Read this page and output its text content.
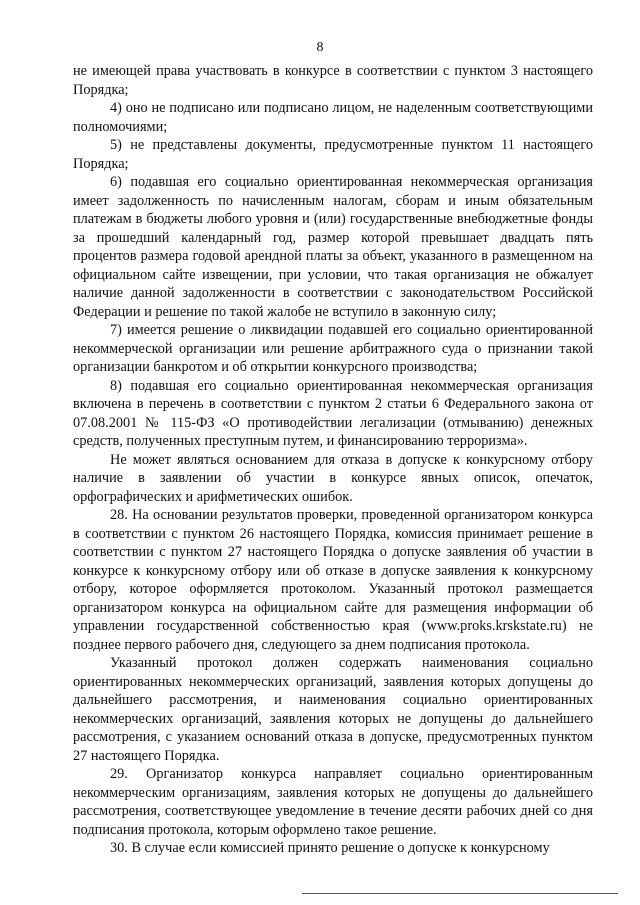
8

не имеющей права участвовать в конкурсе в соответствии с пунктом 3 настоящего Порядка;

4) оно не подписано или подписано лицом, не наделенным соответствующими полномочиями;

5) не представлены документы, предусмотренные пунктом 11 настоящего Порядка;

6) подавшая его социально ориентированная некоммерческая организация имеет задолженность по начисленным налогам, сборам и иным обязательным платежам в бюджеты любого уровня и (или) государственные внебюджетные фонды за прошедший календарный год, размер которой превышает двадцать пять процентов размера годовой арендной платы за объект, указанного в размещенном на официальном сайте извещении, при условии, что такая организация не обжалует наличие данной задолженности в соответствии с законодательством Российской Федерации и решение по такой жалобе не вступило в законную силу;

7) имеется решение о ликвидации подавшей его социально ориентированной некоммерческой организации или решение арбитражного суда о признании такой организации банкротом и об открытии конкурсного производства;

8) подавшая его социально ориентированная некоммерческая организация включена в перечень в соответствии с пунктом 2 статьи 6 Федерального закона от 07.08.2001 № 115-ФЗ «О противодействии легализации (отмыванию) денежных средств, полученных преступным путем, и финансированию терроризма».

Не может являться основанием для отказа в допуске к конкурсному отбору наличие в заявлении об участии в конкурсе явных описок, опечаток, орфографических и арифметических ошибок.

28. На основании результатов проверки, проведенной организатором конкурса в соответствии с пунктом 26 настоящего Порядка, комиссия принимает решение в соответствии с пунктом 27 настоящего Порядка о допуске заявления об участии в конкурсе к конкурсному отбору или об отказе в допуске заявления к конкурсному отбору, которое оформляется протоколом. Указанный протокол размещается организатором конкурса на официальном сайте для размещения информации об управлении государственной собственностью края (www.proks.krskstate.ru) не позднее первого рабочего дня, следующего за днем подписания протокола.

Указанный протокол должен содержать наименования социально ориентированных некоммерческих организаций, заявления которых допущены до дальнейшего рассмотрения, и наименования социально ориентированных некоммерческих организаций, заявления которых не допущены до дальнейшего рассмотрения, с указанием оснований отказа в допуске, предусмотренных пунктом 27 настоящего Порядка.

29. Организатор конкурса направляет социально ориентированным некоммерческим организациям, заявления которых не допущены до дальнейшего рассмотрения, соответствующее уведомление в течение десяти рабочих дней со дня подписания протокола, которым оформлено такое решение.

30. В случае если комиссией принято решение о допуске к конкурсному
